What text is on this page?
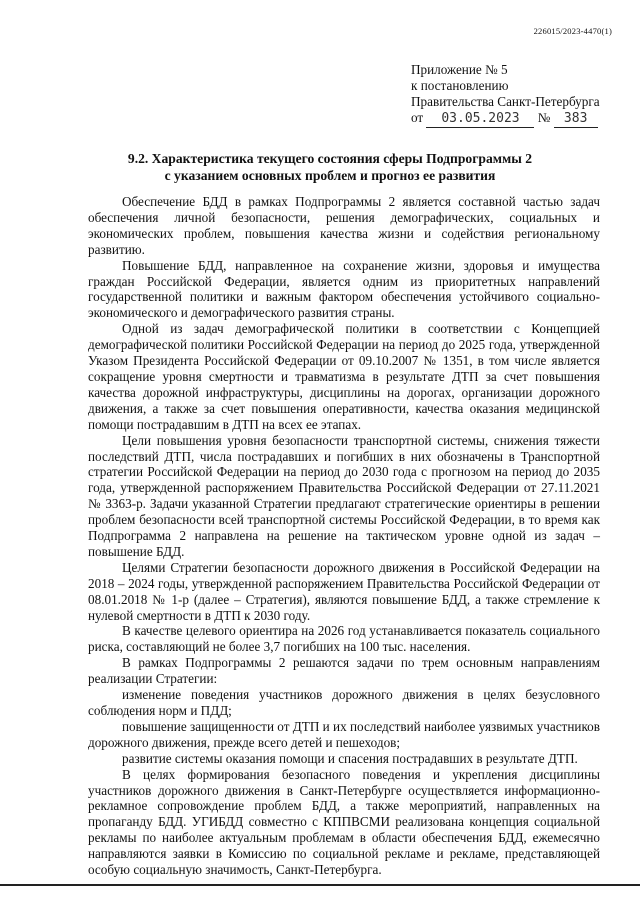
226015/2023-4470(1)
Приложение № 5
к постановлению
Правительства Санкт-Петербурга
от 03.05.2023 № 383
9.2. Характеристика текущего состояния сферы Подпрограммы 2
с указанием основных проблем и прогноз ее развития

Обеспечение БДД в рамках Подпрограммы 2 является составной частью задач обеспечения личной безопасности, решения демографических, социальных и экономических проблем, повышения качества жизни и содействия региональному развитию.

Повышение БДД, направленное на сохранение жизни, здоровья и имущества граждан Российской Федерации, является одним из приоритетных направлений государственной политики и важным фактором обеспечения устойчивого социально-экономического и демографического развития страны.

Одной из задач демографической политики в соответствии с Концепцией демографической политики Российской Федерации на период до 2025 года, утвержденной Указом Президента Российской Федерации от 09.10.2007 № 1351, в том числе является сокращение уровня смертности и травматизма в результате ДТП за счет повышения качества дорожной инфраструктуры, дисциплины на дорогах, организации дорожного движения, а также за счет повышения оперативности, качества оказания медицинской помощи пострадавшим в ДТП на всех ее этапах.

Цели повышения уровня безопасности транспортной системы, снижения тяжести последствий ДТП, числа пострадавших и погибших в них обозначены в Транспортной стратегии Российской Федерации на период до 2030 года с прогнозом на период до 2035 года, утвержденной распоряжением Правительства Российской Федерации от 27.11.2021 № 3363-р. Задачи указанной Стратегии предлагают стратегические ориентиры в решении проблем безопасности всей транспортной системы Российской Федерации, в то время как Подпрограмма 2 направлена на решение на тактическом уровне одной из задач – повышение БДД.

Целями Стратегии безопасности дорожного движения в Российской Федерации на 2018 – 2024 годы, утвержденной распоряжением Правительства Российской Федерации от 08.01.2018 № 1-р (далее – Стратегия), являются повышение БДД, а также стремление к нулевой смертности в ДТП к 2030 году.

В качестве целевого ориентира на 2026 год устанавливается показатель социального риска, составляющий не более 3,7 погибших на 100 тыс. населения.

В рамках Подпрограммы 2 решаются задачи по трем основным направлениям реализации Стратегии:

изменение поведения участников дорожного движения в целях безусловного соблюдения норм и ПДД;

повышение защищенности от ДТП и их последствий наиболее уязвимых участников дорожного движения, прежде всего детей и пешеходов;

развитие системы оказания помощи и спасения пострадавших в результате ДТП.

В целях формирования безопасного поведения и укрепления дисциплины участников дорожного движения в Санкт-Петербурге осуществляется информационно-рекламное сопровождение проблем БДД, а также мероприятий, направленных на пропаганду БДД. УГИБДД совместно с КППВСМИ реализована концепция социальной рекламы по наиболее актуальным проблемам в области обеспечения БДД, ежемесячно направляются заявки в Комиссию по социальной рекламе и рекламе, представляющей особую социальную значимость, Санкт-Петербурга.
